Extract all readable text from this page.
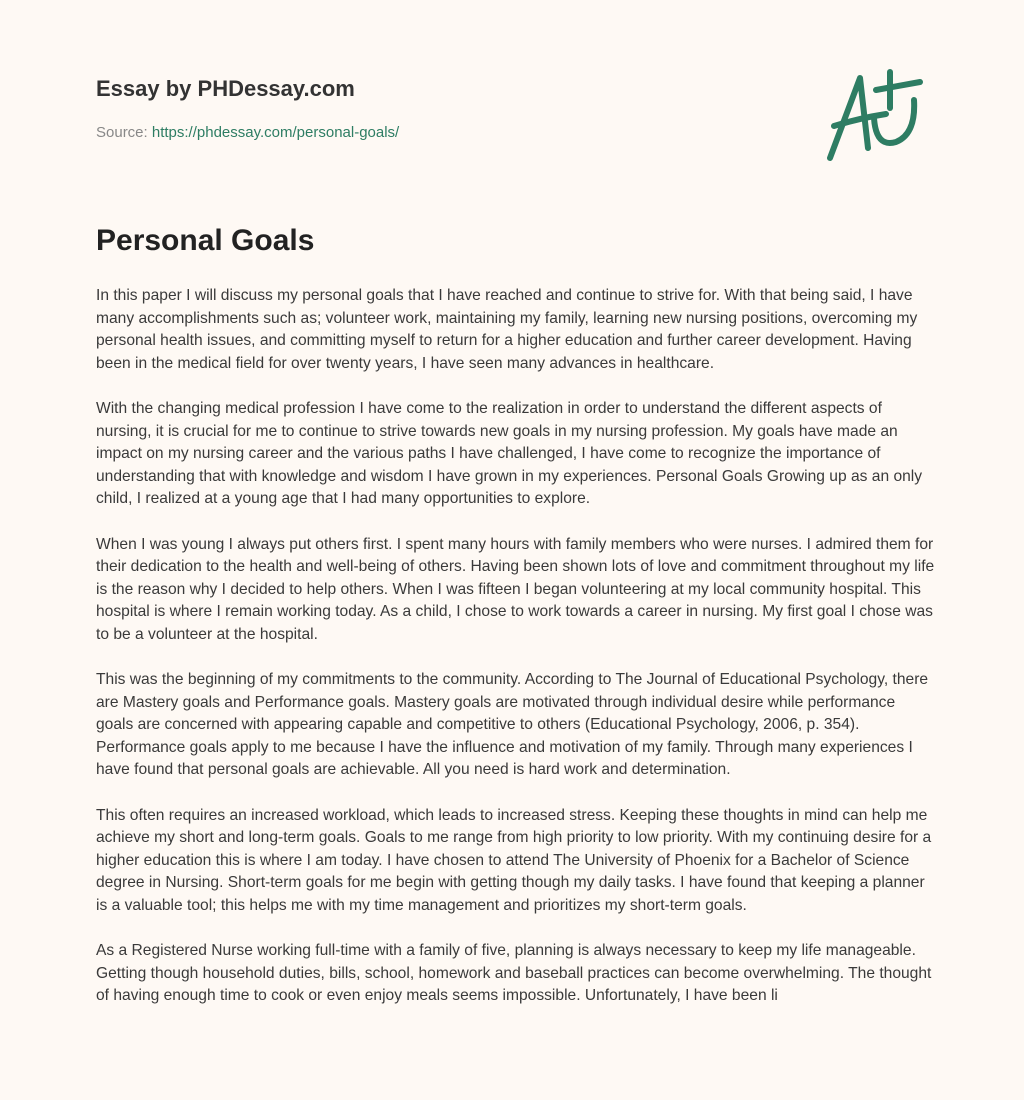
Essay by PHDessay.com

Source: https://phdessay.com/personal-goals/
Personal Goals

In this paper I will discuss my personal goals that I have reached and continue to strive for. With that being said, I have many accomplishments such as; volunteer work, maintaining my family, learning new nursing positions, overcoming my personal health issues, and committing myself to return for a higher education and further career development. Having been in the medical field for over twenty years, I have seen many advances in healthcare.

With the changing medical profession I have come to the realization in order to understand the different aspects of nursing, it is crucial for me to continue to strive towards new goals in my nursing profession. My goals have made an impact on my nursing career and the various paths I have challenged, I have come to recognize the importance of understanding that with knowledge and wisdom I have grown in my experiences. Personal Goals Growing up as an only child, I realized at a young age that I had many opportunities to explore.

When I was young I always put others first. I spent many hours with family members who were nurses. I admired them for their dedication to the health and well-being of others. Having been shown lots of love and commitment throughout my life is the reason why I decided to help others. When I was fifteen I began volunteering at my local community hospital. This hospital is where I remain working today. As a child, I chose to work towards a career in nursing. My first goal I chose was to be a volunteer at the hospital.

This was the beginning of my commitments to the community. According to The Journal of Educational Psychology, there are Mastery goals and Performance goals. Mastery goals are motivated through individual desire while performance goals are concerned with appearing capable and competitive to others (Educational Psychology, 2006, p. 354). Performance goals apply to me because I have the influence and motivation of my family. Through many experiences I have found that personal goals are achievable. All you need is hard work and determination.

This often requires an increased workload, which leads to increased stress. Keeping these thoughts in mind can help me achieve my short and long-term goals. Goals to me range from high priority to low priority. With my continuing desire for a higher education this is where I am today. I have chosen to attend The University of Phoenix for a Bachelor of Science degree in Nursing. Short-term goals for me begin with getting though my daily tasks. I have found that keeping a planner is a valuable tool; this helps me with my time management and prioritizes my short-term goals.

As a Registered Nurse working full-time with a family of five, planning is always necessary to keep my life manageable. Getting though household duties, bills, school, homework and baseball practices can become overwhelming. The thought of having enough time to cook or even enjoy meals seems impossible. Unfortunately, I have been li
